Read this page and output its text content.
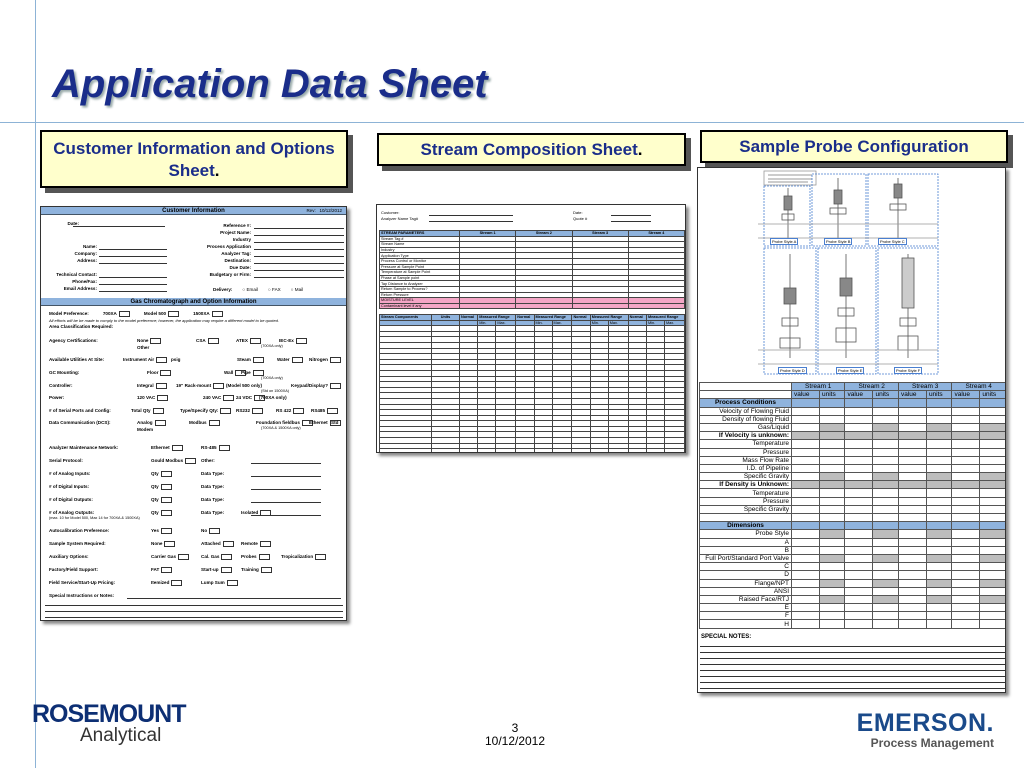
Application Data Sheet
Customer Information and Options Sheet.
Stream Composition Sheet.	Sample Probe Configuration
Customer Information	Rev: 10/12/2012
Date:
Name:
Company:
Address:
Technical Contact:
Phone/Fax:
Email Address:
Reference #:
Project Name:
Industry
Process Application
Analyzer Tag:
Destination:
Due Date:
Budgetary or Firm:
Delivery: ○ Email ○ FAX ○ Mail
Gas Chromatograph and Option Information
Model Preference:	700XA	Model 500	1500XA
All efforts will be be made to comply to the model preference; however, the application may require a different model to be quoted.
Area Classification Required:
Agency Certifications:	None	CSA	ATEX	IEC-Ex
Other	(700XA only)
Available Utilities At Site:	Instrument Air	psig	Steam	Water	Nitrogen
GC Mounting:	Floor	Wall	Pipe
(700XA only)
Controller:	Integral	19" Rack-mount	(Model 500 only)	Keypad/Display?
(Std on 1500XA)
Power:	120 VAC	240 VAC	24 VDC	(700XA only)
# of Serial Ports and Config:	Total Qty	Type/Specify Qty:	RS232	RS 422	RS485
Data Communication (DCS):	Analog	Modbus	Foundation fieldbus	Ethernet Std
Modem	(700XA & 1500XA only)
Analyzer Maintenance Network:	Ethernet	RS-485
Serial Protocol:	Gould Modbus	Other:
# of Analog Inputs:	Qty	Data Type:
# of Digital Inputs:	Qty	Data Type:
# of Digital Outputs:	Qty	Data Type:
# of Analog Outputs:	Qty	Data Type:	Isolated
(max. 10 for Model 500, Max 14 for 700XA & 1500XA)
Autocalibration Preference:	Yes	No
Sample System Required:	None	Attached	Remote
Auxiliary Options:	Carrier Gas	Cal. Gas	Probes	Tropicalization
Factory/Field Support:	FAT	Start-up	Training
Field Service/Start-Up Pricing:	Itemized	Lump Sum
Special Instructions or Notes:
Customer:
Analyzer Name Tag#
Date:
Quote #
STREAM PARAMETERS	Stream 1	Stream 2	Stream 3	Stream 4
Stream Tag #				
Stream Name				
Industry				
Application Type				
Process Control or Monitor				
Pressure at Sample Point				
Temperature at Sample Point				
Phase at Sample point				
Tap Distance to Analyzer				
Return Sample to Process?				
Return Pressure				
MOISTURE LEVEL				
Contaminant level if any				
Stream Components	Units	Normal	Measured Range		Normal	Measured Range		Normal	Measured Range		Normal	Measured Range	
			Min.	Max.		Min.	Max.		Min.	Max.		Min.	Max.

Probe Style A	Probe Style B	Probe Style C
Probe Style D	Probe Style E	Probe Style F
	Stream 1		Stream 2		Stream 3		Stream 4	
	value	units	value	units	value	units	value	units
Process Conditions								
Velocity of Flowing Fluid								
Density of flowing Fluid								
Gas/Liquid								
If Velocity is unknown:								
Temperature								
Pressure								
Mass Flow Rate								
I.D. of Pipeline								
Specific Gravity								
If Density is Unknown:								
Temperature								
Pressure								
Specific Gravity								

Dimensions								
Probe Style								
A								
B								
Full Port/Standard Port Valve								
C								
D								
Flange/NPT								
ANSI								
Raised Face/RTJ								
E								
F								
H								
SPECIAL NOTES:
ROSEMOUNT
Analytical	3
10/12/2012
EMERSON.
Process Management
